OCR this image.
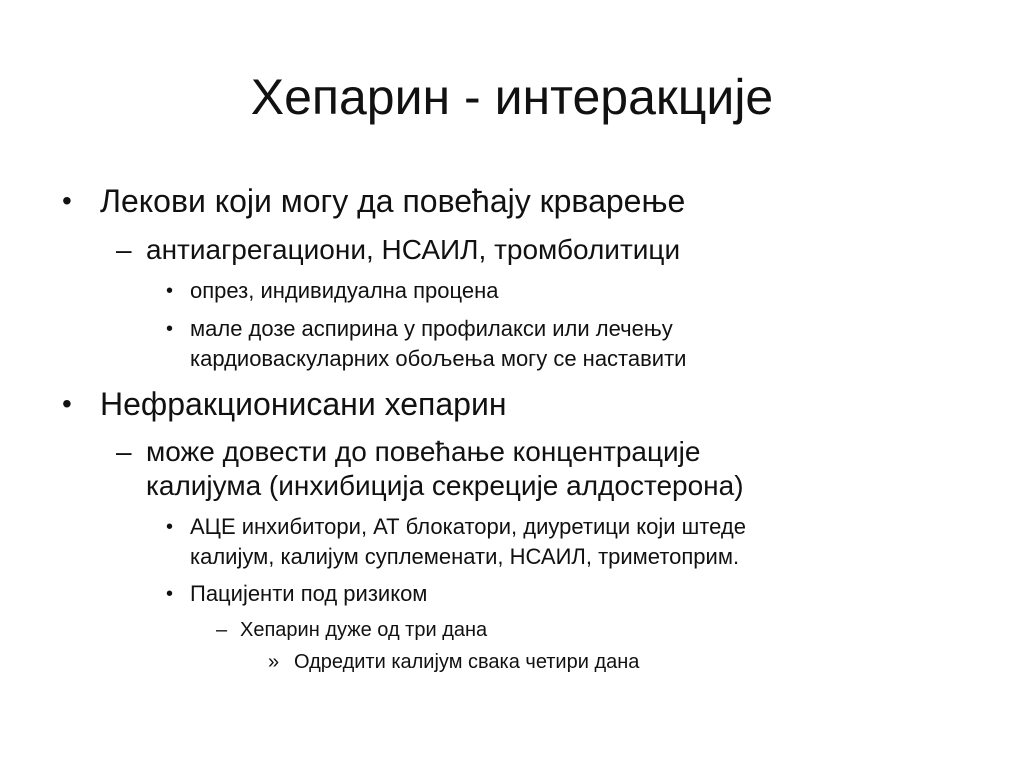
Хепарин - интеракције
• Лекови који могу да повећају крварење
– антиагрегациони, НСАИЛ, тромболитици
• опрез, индивидуална процена
• мале дозе аспирина у профилакси или лечењу
кардиоваскуларних обољења могу се наставити
• Нефракционисани хепарин
– може довести до повећање концентрације
калијума (инхибиција секреције алдостерона)
• АЦЕ инхибитори, АТ блокатори, диуретици који штеде
калијум, калијум суплеменати, НСАИЛ, триметоприм.
• Пацијенти под ризиком
– Хепарин дуже од три дана
» Одредити калијум свака четири дана
